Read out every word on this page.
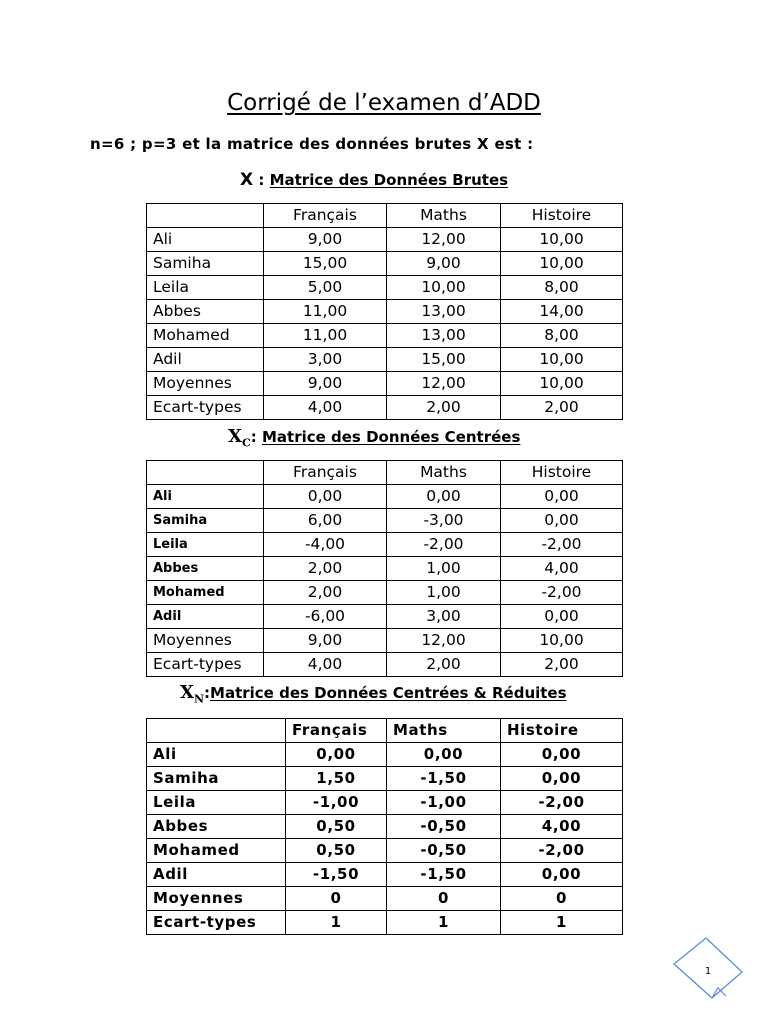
Corrigé de l’examen d’ADD
n=6 ; p=3 et la matrice des données brutes X est :
X : Matrice des Données Brutes
	Français	Maths	Histoire
Ali	9,00	12,00	10,00
Samiha	15,00	9,00	10,00
Leila	5,00	10,00	8,00
Abbes	11,00	13,00	14,00
Mohamed	11,00	13,00	8,00
Adil	3,00	15,00	10,00
Moyennes	9,00	12,00	10,00
Ecart-types	4,00	2,00	2,00
$X_C$: Matrice des Données Centrées
	Français	Maths	Histoire
Ali	0,00	0,00	0,00
Samiha	6,00	-3,00	0,00
Leila	-4,00	-2,00	-2,00
Abbes	2,00	1,00	4,00
Mohamed	2,00	1,00	-2,00
Adil	-6,00	3,00	0,00
Moyennes	9,00	12,00	10,00
Ecart-types	4,00	2,00	2,00
$X_N:Matrice$ des Données Centrées & Réduites
	Français	Maths	Histoire
Ali	0,00	0,00	0,00
Samiha	1,50	-1,50	0,00
Leila	-1,00	-1,00	-2,00
Abbes	0,50	-0,50	4,00
Mohamed	0,50	-0,50	-2,00
Adil	-1,50	-1,50	0,00
Moyennes	0	0	0
Ecart-types	1	1	1
1
